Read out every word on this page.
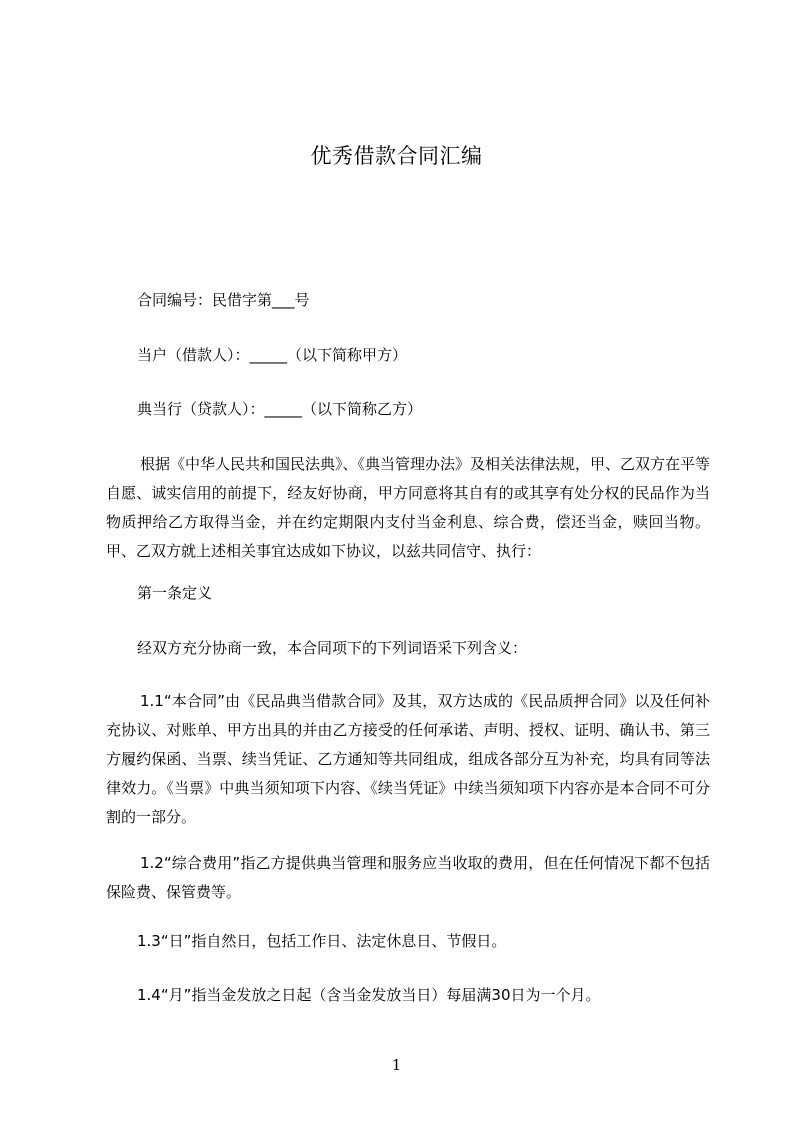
优秀借款合同汇编
合同编号：民借字第___号
当户（借款人）：_____（以下简称甲方）
典当行（贷款人）：_____（以下简称乙方）
根据《中华人民共和国民法典》、《典当管理办法》及相关法律法规，甲、乙双方在平等自愿、诚实信用的前提下，经友好协商，甲方同意将其自有的或其享有处分权的民品作为当物质押给乙方取得当金，并在约定期限内支付当金利息、综合费，偿还当金，赎回当物。甲、乙双方就上述相关事宜达成如下协议，以兹共同信守、执行：
第一条定义
经双方充分协商一致，本合同项下的下列词语采下列含义：
1.1“本合同”由《民品典当借款合同》及其，双方达成的《民品质押合同》以及任何补充协议、对账单、甲方出具的并由乙方接受的任何承诺、声明、授权、证明、确认书、第三方履约保函、当票、续当凭证、乙方通知等共同组成，组成各部分互为补充，均具有同等法律效力。《当票》中典当须知项下内容、《续当凭证》中续当须知项下内容亦是本合同不可分割的一部分。
1.2“综合费用”指乙方提供典当管理和服务应当收取的费用，但在任何情况下都不包括保险费、保管费等。
1.3“日”指自然日，包括工作日、法定休息日、节假日。
1.4“月”指当金发放之日起（含当金发放当日）每届满30日为一个月。
1
